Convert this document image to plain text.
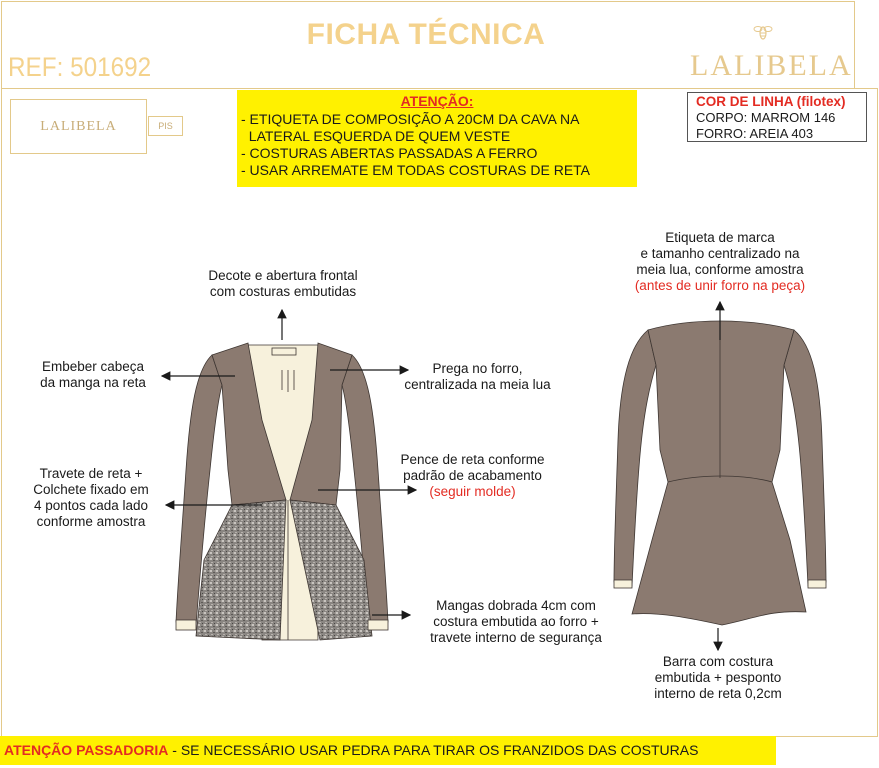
FICHA TÉCNICA
REF: 501692	LALIBELA
LALIBELA	PIS
ATENÇÃO:
- ETIQUETA DE COMPOSIÇÃO A 20CM DA CAVA NA
LATERAL ESQUERDA DE QUEM VESTE
- COSTURAS ABERTAS PASSADAS A FERRO
- USAR ARREMATE EM TODAS COSTURAS DE RETA
COR DE LINHA (filotex)
CORPO: MARROM 146
FORRO: AREIA 403
Decote e abertura frontal
com costuras embutidas
Embeber cabeça
da manga na reta
Prega no forro,
centralizada na meia lua
Pence de reta conforme
padrão de acabamento
(seguir molde)
Travete de reta +
Colchete fixado em
4 pontos cada lado
conforme amostra
Mangas dobrada 4cm com
costura embutida ao forro +
travete interno de segurança
Etiqueta de marca
e tamanho centralizado na
meia lua, conforme amostra
(antes de unir forro na peça)
Barra com costura
embutida + pesponto
interno de reta 0,2cm
ATENÇÃO PASSADORIA - SE NECESSÁRIO USAR PEDRA PARA TIRAR OS FRANZIDOS DAS COSTURAS
